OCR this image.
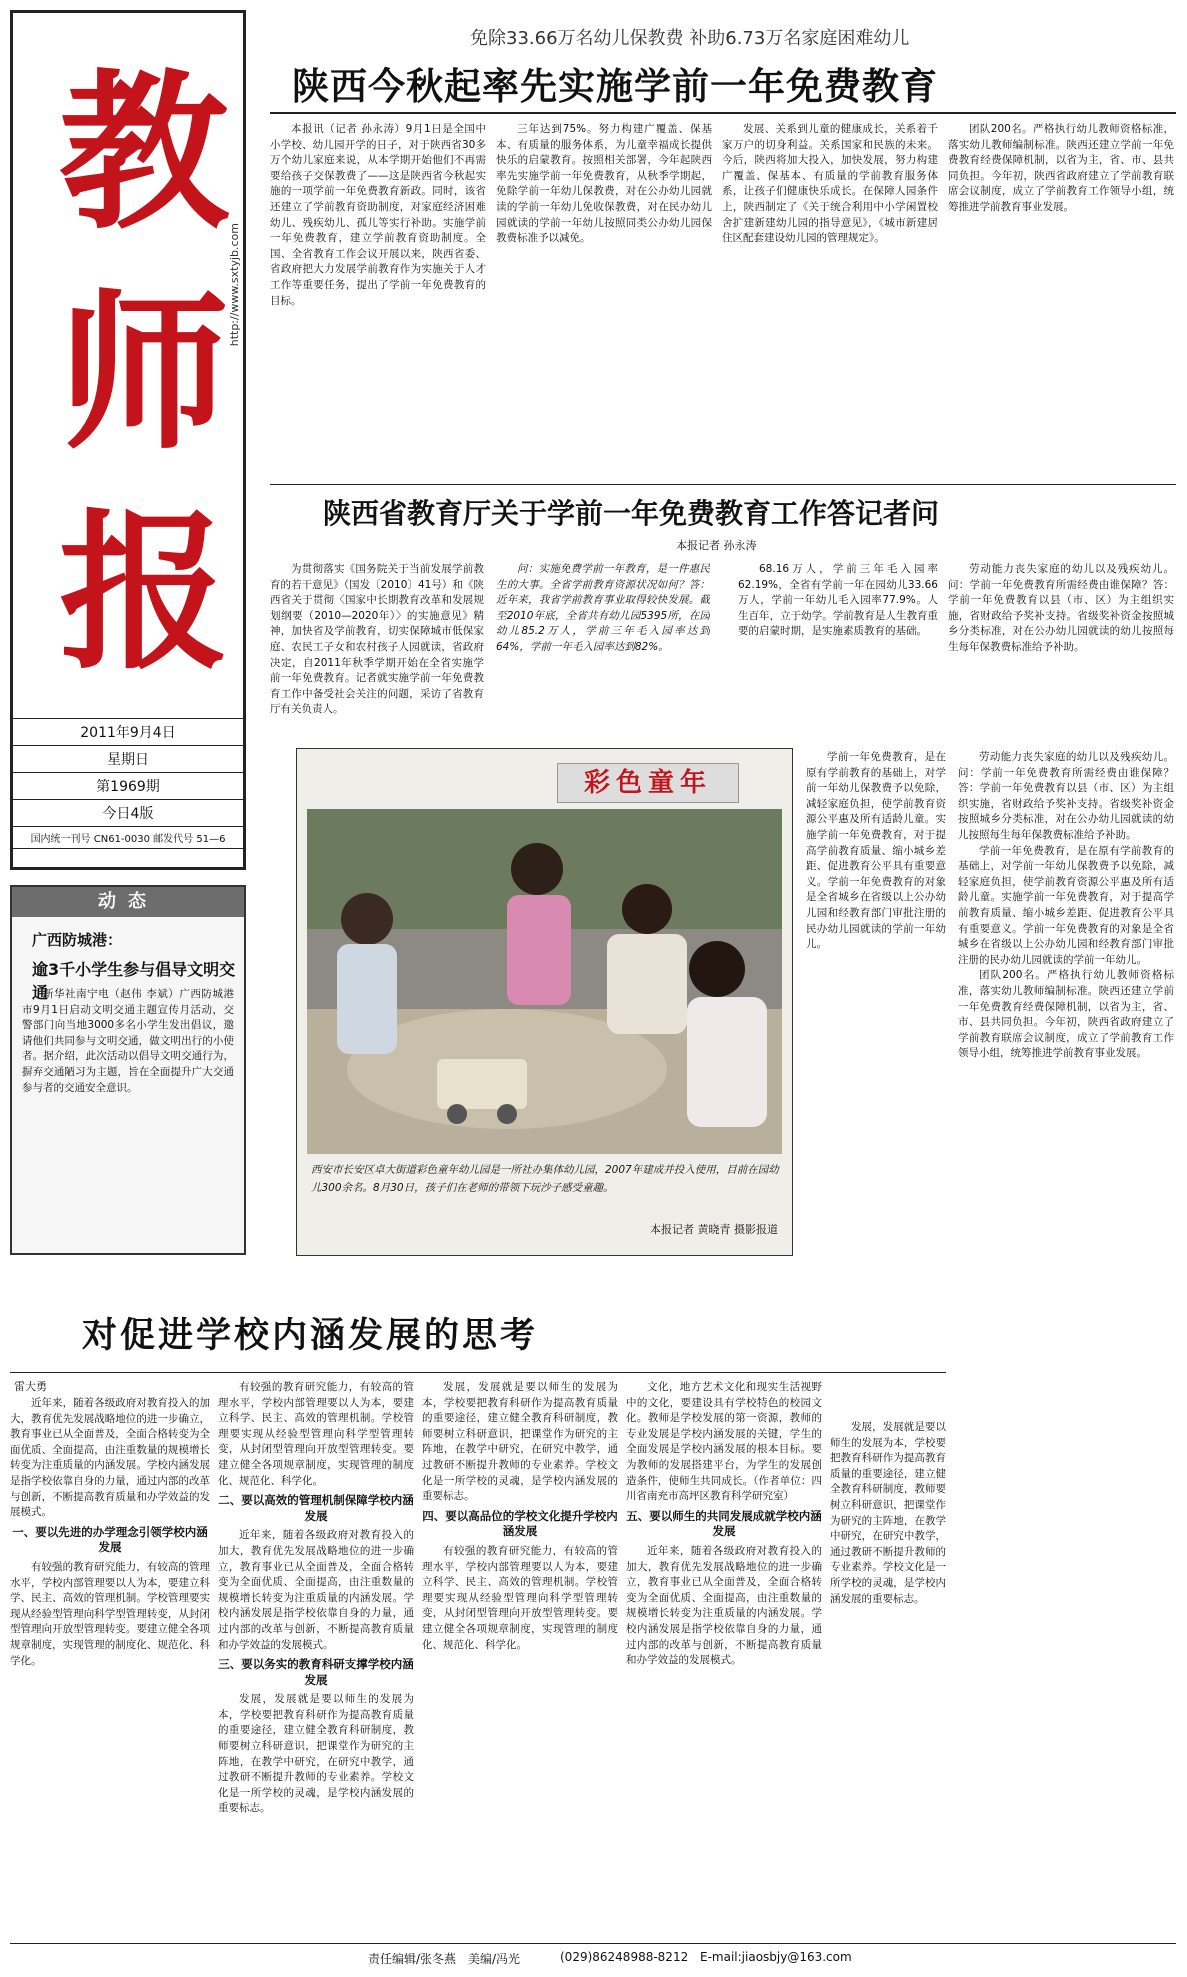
教师报
http://www.sxtyjb.com
2011年9月4日
星期日
第1969期
今日4版
国内统一刊号 CN61-0030 邮发代号 51—6
免除33.66万名幼儿保教费 补助6.73万名家庭困难幼儿
陕西今秋起率先实施学前一年免费教育

本报讯（记者 孙永涛）9月1日是全国中小学校、幼儿园开学的日子，对于陕西省30多万个幼儿家庭来说，从本学期开始他们不再需要给孩子交保教费了——这是陕西省今秋起实施的一项学前一年免费教育新政。同时，该省还建立了学前教育资助制度，对家庭经济困难幼儿、残疾幼儿、孤儿等实行补助。实施学前一年免费教育，建立学前教育资助制度。全国、全省教育工作会议开展以来，陕西省委、省政府把大力发展学前教育作为实施关于人才工作等重要任务，提出了学前一年免费教育的目标。

三年达到75%。努力构建广覆盖、保基本、有质量的服务体系，为儿童幸福成长提供快乐的启蒙教育。按照相关部署，今年起陕西率先实施学前一年免费教育，从秋季学期起，免除学前一年幼儿保教费，对在公办幼儿园就读的学前一年幼儿免收保教费，对在民办幼儿园就读的学前一年幼儿按照同类公办幼儿园保教费标准予以减免。

发展、关系到儿童的健康成长，关系着千家万户的切身利益。关系国家和民族的未来。今后，陕西将加大投入，加快发展，努力构建广覆盖、保基本、有质量的学前教育服务体系，让孩子们健康快乐成长。在保障人园条件上，陕西制定了《关于统合利用中小学闲置校舍扩建新建幼儿园的指导意见》，《城市新建居住区配套建设幼儿园的管理规定》。

团队200名。严格执行幼儿教师资格标准，落实幼儿教师编制标准。陕西还建立学前一年免费教育经费保障机制，以省为主，省、市、县共同负担。今年初，陕西省政府建立了学前教育联席会议制度，成立了学前教育工作领导小组，统筹推进学前教育事业发展。

陕西省教育厅关于学前一年免费教育工作答记者问
本报记者 孙永涛

为贯彻落实《国务院关于当前发展学前教育的若干意见》（国发〔2010〕41号）和《陕西省关于贯彻〈国家中长期教育改革和发展规划纲要（2010—2020年）〉的实施意见》精神，加快省及学前教育，切实保障城市低保家庭、农民工子女和农村孩子人园就读，省政府决定，自2011年秋季学期开始在全省实施学前一年免费教育。记者就实施学前一年免费教育工作中备受社会关注的问题，采访了省教育厅有关负责人。

问：实施免费学前一年教育，是一件惠民生的大事。全省学前教育资源状况如何？答：近年来，我省学前教育事业取得较快发展。截至2010年底，全省共有幼儿园5395所，在园幼儿85.2万人，学前三年毛入园率达到64%，学前一年毛入园率达到82%。

68.16万人，学前三年毛入园率62.19%，全省有学前一年在园幼儿33.66万人，学前一年幼儿毛入园率77.9%。人生百年，立于幼学。学前教育是人生教育重要的启蒙时期，是实施素质教育的基础。

劳动能力丧失家庭的幼儿以及残疾幼儿。问：学前一年免费教育所需经费由谁保障？答：学前一年免费教育以县（市、区）为主组织实施，省财政给予奖补支持。省级奖补资金按照城乡分类标准，对在公办幼儿园就读的幼儿按照每生每年保教费标准给予补助。

彩色童年
西安市长安区卓大街道彩色童年幼儿园是一所社办集体幼儿园，2007年建成并投入使用，目前在园幼儿300余名。8月30日，孩子们在老师的带领下玩沙子感受童趣。
本报记者 黄晓青 摄影报道

学前一年免费教育，是在原有学前教育的基础上，对学前一年幼儿保教费予以免除，减轻家庭负担，使学前教育资源公平惠及所有适龄儿童。实施学前一年免费教育，对于提高学前教育质量、缩小城乡差距、促进教育公平具有重要意义。学前一年免费教育的对象是全省城乡在省级以上公办幼儿园和经教育部门审批注册的民办幼儿园就读的学前一年幼儿。

劳动能力丧失家庭的幼儿以及残疾幼儿。问：学前一年免费教育所需经费由谁保障？答：学前一年免费教育以县（市、区）为主组织实施，省财政给予奖补支持。省级奖补资金按照城乡分类标准，对在公办幼儿园就读的幼儿按照每生每年保教费标准给予补助。

学前一年免费教育，是在原有学前教育的基础上，对学前一年幼儿保教费予以免除，减轻家庭负担，使学前教育资源公平惠及所有适龄儿童。实施学前一年免费教育，对于提高学前教育质量、缩小城乡差距、促进教育公平具有重要意义。学前一年免费教育的对象是全省城乡在省级以上公办幼儿园和经教育部门审批注册的民办幼儿园就读的学前一年幼儿。

团队200名。严格执行幼儿教师资格标准，落实幼儿教师编制标准。陕西还建立学前一年免费教育经费保障机制，以省为主，省、市、县共同负担。今年初，陕西省政府建立了学前教育联席会议制度，成立了学前教育工作领导小组，统筹推进学前教育事业发展。

动态
广西防城港：
逾3千小学生参与倡导文明交通

新华社南宁电（赵伟 李斌）广西防城港市9月1日启动文明交通主题宣传月活动，交警部门向当地3000多名小学生发出倡议，邀请他们共同参与文明交通，做文明出行的小使者。据介绍，此次活动以倡导文明交通行为，摒弃交通陋习为主题，旨在全面提升广大交通参与者的交通安全意识。

对促进学校内涵发展的思考
雷大勇

近年来，随着各级政府对教育投入的加大，教育优先发展战略地位的进一步确立，教育事业已从全面普及，全面合格转变为全面优质、全面提高，由注重数量的规模增长转变为注重质量的内涵发展。学校内涵发展是指学校依靠自身的力量，通过内部的改革与创新，不断提高教育质量和办学效益的发展模式。

一、要以先进的办学理念引领学校内涵发展

有较强的教育研究能力，有较高的管理水平，学校内部管理要以人为本，要建立科学、民主、高效的管理机制。学校管理要实现从经验型管理向科学型管理转变，从封闭型管理向开放型管理转变。要建立健全各项规章制度，实现管理的制度化、规范化、科学化。

有较强的教育研究能力，有较高的管理水平，学校内部管理要以人为本，要建立科学、民主、高效的管理机制。学校管理要实现从经验型管理向科学型管理转变，从封闭型管理向开放型管理转变。要建立健全各项规章制度，实现管理的制度化、规范化、科学化。

二、要以高效的管理机制保障学校内涵发展

近年来，随着各级政府对教育投入的加大，教育优先发展战略地位的进一步确立，教育事业已从全面普及，全面合格转变为全面优质、全面提高，由注重数量的规模增长转变为注重质量的内涵发展。学校内涵发展是指学校依靠自身的力量，通过内部的改革与创新，不断提高教育质量和办学效益的发展模式。

三、要以务实的教育科研支撑学校内涵发展

发展，发展就是要以师生的发展为本，学校要把教育科研作为提高教育质量的重要途径，建立健全教育科研制度，教师要树立科研意识，把课堂作为研究的主阵地，在教学中研究，在研究中教学，通过教研不断提升教师的专业素养。学校文化是一所学校的灵魂，是学校内涵发展的重要标志。

发展，发展就是要以师生的发展为本，学校要把教育科研作为提高教育质量的重要途径，建立健全教育科研制度，教师要树立科研意识，把课堂作为研究的主阵地，在教学中研究，在研究中教学，通过教研不断提升教师的专业素养。学校文化是一所学校的灵魂，是学校内涵发展的重要标志。

四、要以高品位的学校文化提升学校内涵发展

有较强的教育研究能力，有较高的管理水平，学校内部管理要以人为本，要建立科学、民主、高效的管理机制。学校管理要实现从经验型管理向科学型管理转变，从封闭型管理向开放型管理转变。要建立健全各项规章制度，实现管理的制度化、规范化、科学化。

文化，地方艺术文化和现实生活视野中的文化，要建设具有学校特色的校园文化。教师是学校发展的第一资源，教师的专业发展是学校内涵发展的关键，学生的全面发展是学校内涵发展的根本目标。要为教师的发展搭建平台，为学生的发展创造条件，使师生共同成长。（作者单位：四川省南充市高坪区教育科学研究室）

五、要以师生的共同发展成就学校内涵发展

近年来，随着各级政府对教育投入的加大，教育优先发展战略地位的进一步确立，教育事业已从全面普及，全面合格转变为全面优质、全面提高，由注重数量的规模增长转变为注重质量的内涵发展。学校内涵发展是指学校依靠自身的力量，通过内部的改革与创新，不断提高教育质量和办学效益的发展模式。

发展，发展就是要以师生的发展为本，学校要把教育科研作为提高教育质量的重要途径，建立健全教育科研制度，教师要树立科研意识，把课堂作为研究的主阵地，在教学中研究，在研究中教学，通过教研不断提升教师的专业素养。学校文化是一所学校的灵魂，是学校内涵发展的重要标志。

责任编辑/张冬燕 美编/冯光	(029)86248988-8212 E-mail:jiaosbjy@163.com
